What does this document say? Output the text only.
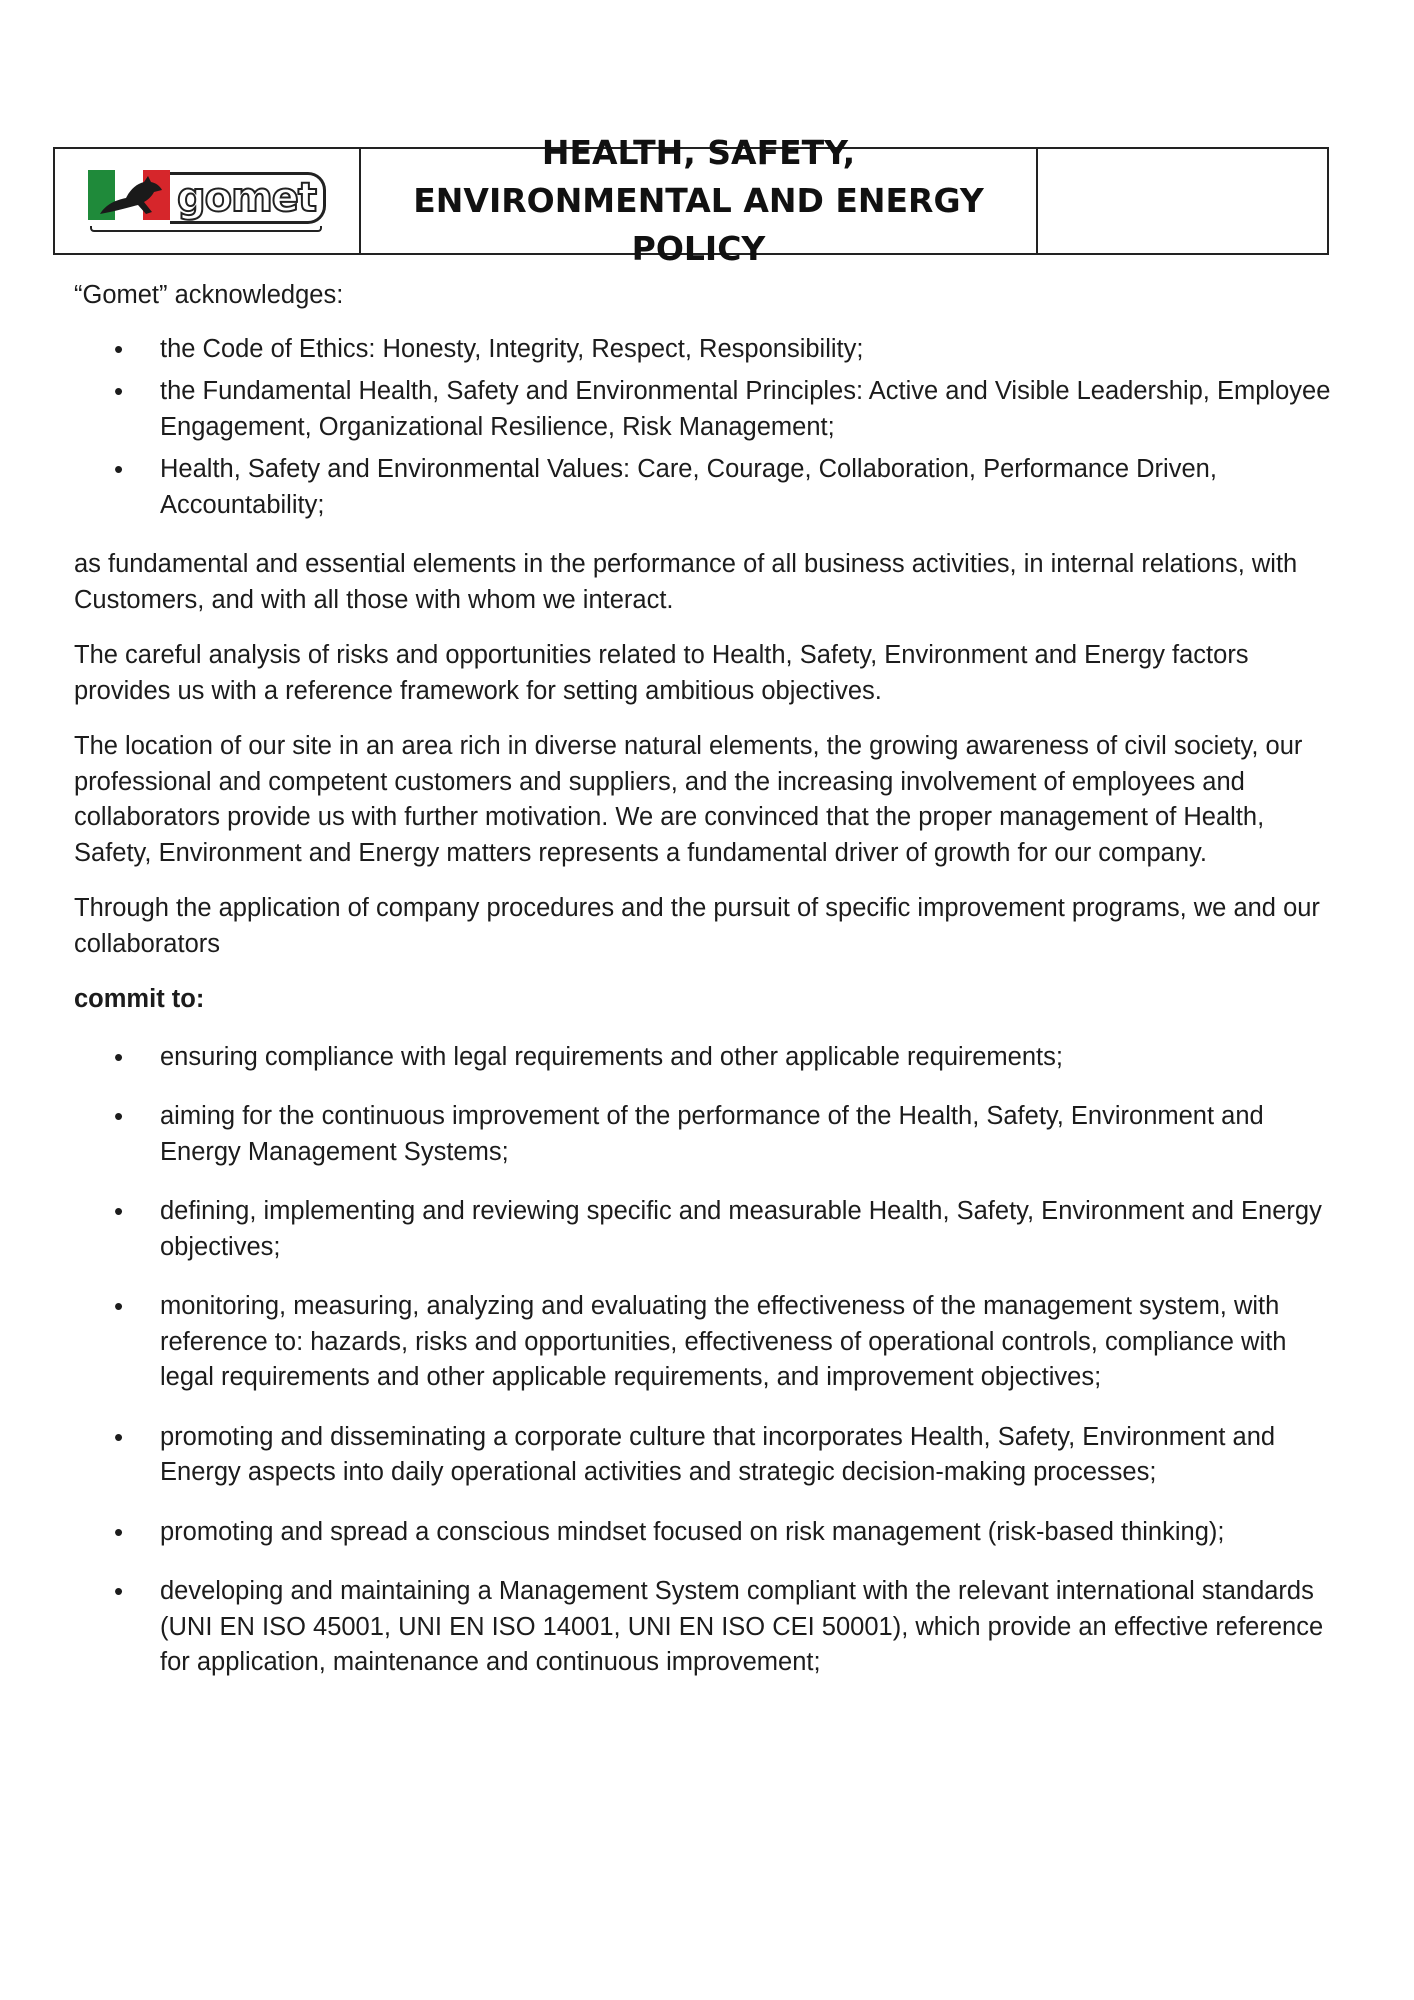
gomet
HEALTH, SAFETY, ENVIRONMENTAL AND ENERGY POLICY

“Gomet” acknowledges:

•	the Code of Ethics: Honesty, Integrity, Respect, Responsibility;
•	the Fundamental Health, Safety and Environmental Principles: Active and Visible Leadership, Employee Engagement, Organizational Resilience, Risk Management;
•	Health, Safety and Environmental Values: Care, Courage, Collaboration, Performance Driven, Accountability;

as fundamental and essential elements in the performance of all business activities, in internal relations, with Customers, and with all those with whom we interact.

The careful analysis of risks and opportunities related to Health, Safety, Environment and Energy factors provides us with a reference framework for setting ambitious objectives.

The location of our site in an area rich in diverse natural elements, the growing awareness of civil society, our professional and competent customers and suppliers, and the increasing involvement of employees and collaborators provide us with further motivation. We are convinced that the proper management of Health, Safety, Environment and Energy matters represents a fundamental driver of growth for our company.

Through the application of company procedures and the pursuit of specific improvement programs, we and our collaborators

commit to:

•	ensuring compliance with legal requirements and other applicable requirements;
•	aiming for the continuous improvement of the performance of the Health, Safety, Environment and Energy Management Systems;
•	defining, implementing and reviewing specific and measurable Health, Safety, Environment and Energy objectives;
•	monitoring, measuring, analyzing and evaluating the effectiveness of the management system, with reference to: hazards, risks and opportunities, effectiveness of operational controls, compliance with legal requirements and other applicable requirements, and improvement objectives;
•	promoting and disseminating a corporate culture that incorporates Health, Safety, Environment and Energy aspects into daily operational activities and strategic decision-making processes;
•	promoting and spread a conscious mindset focused on risk management (risk-based thinking);
•	developing and maintaining a Management System compliant with the relevant international standards (UNI EN ISO 45001, UNI EN ISO 14001, UNI EN ISO CEI 50001), which provide an effective reference for application, maintenance and continuous improvement;
